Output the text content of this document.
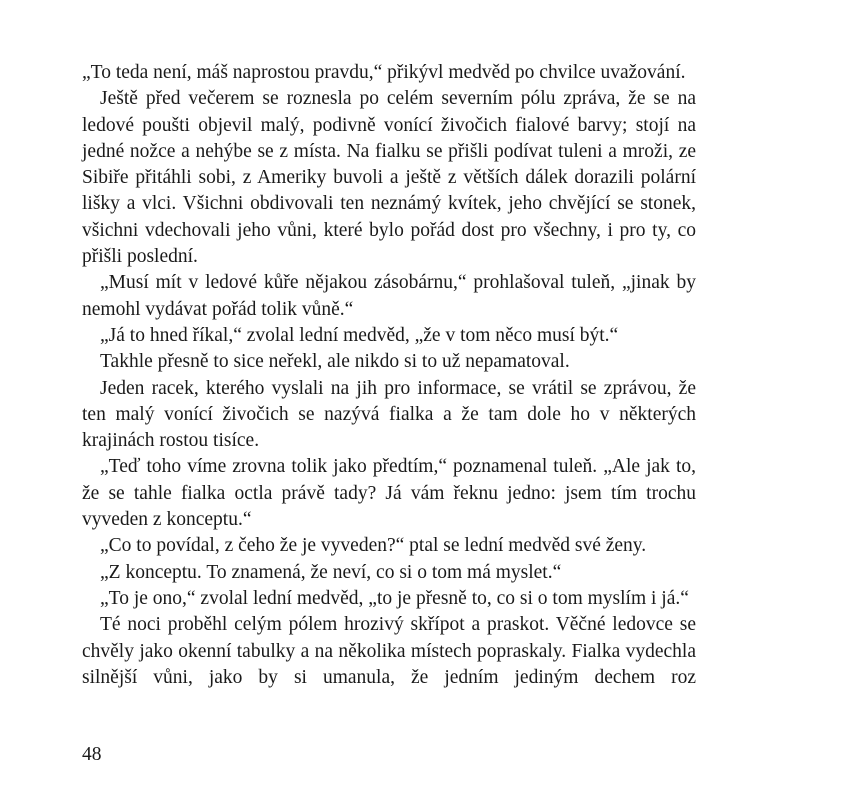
„To teda není, máš naprostou pravdu,“ přikývl medvěd po chvilce uvažování.

Ještě před večerem se roznesla po celém severním pólu zpráva, že se na ledové poušti objevil malý, podivně vonící živočich fialové barvy; stojí na jedné nožce a nehýbe se z místa. Na fialku se přišli podívat tuleni a mroži, ze Sibiře přitáhli sobi, z Ameriky buvoli a ještě z větších dálek dorazili polární lišky a vlci. Všichni obdivovali ten neznámý kvítek, jeho chvějící se stonek, všichni vdechovali jeho vůni, které bylo pořád dost pro všechny, i pro ty, co přišli poslední.

„Musí mít v ledové kůře nějakou zásobárnu,“ prohlašoval tuleň, „jinak by nemohl vydávat pořád tolik vůně.“

„Já to hned říkal,“ zvolal lední medvěd, „že v tom něco musí být.“

Takhle přesně to sice neřekl, ale nikdo si to už nepamatoval.

Jeden racek, kterého vyslali na jih pro informace, se vrátil se zprávou, že ten malý vonící živočich se nazývá fialka a že tam dole ho v některých krajinách rostou tisíce.

„Teď toho víme zrovna tolik jako předtím,“ poznamenal tuleň. „Ale jak to, že se tahle fialka octla právě tady? Já vám řeknu jedno: jsem tím trochu vyveden z konceptu.“

„Co to povídal, z čeho že je vyveden?“ ptal se lední medvěd své ženy.

„Z konceptu. To znamená, že neví, co si o tom má myslet.“

„To je ono,“ zvolal lední medvěd, „to je přesně to, co si o tom myslím i já.“

Té noci proběhl celým pólem hrozivý skřípot a praskot. Věčné ledovce se chvěly jako okenní tabulky a na několika místech popraskaly. Fialka vydechla silnější vůni, jako by si umanula, že jedním jediným dechem roz

48
